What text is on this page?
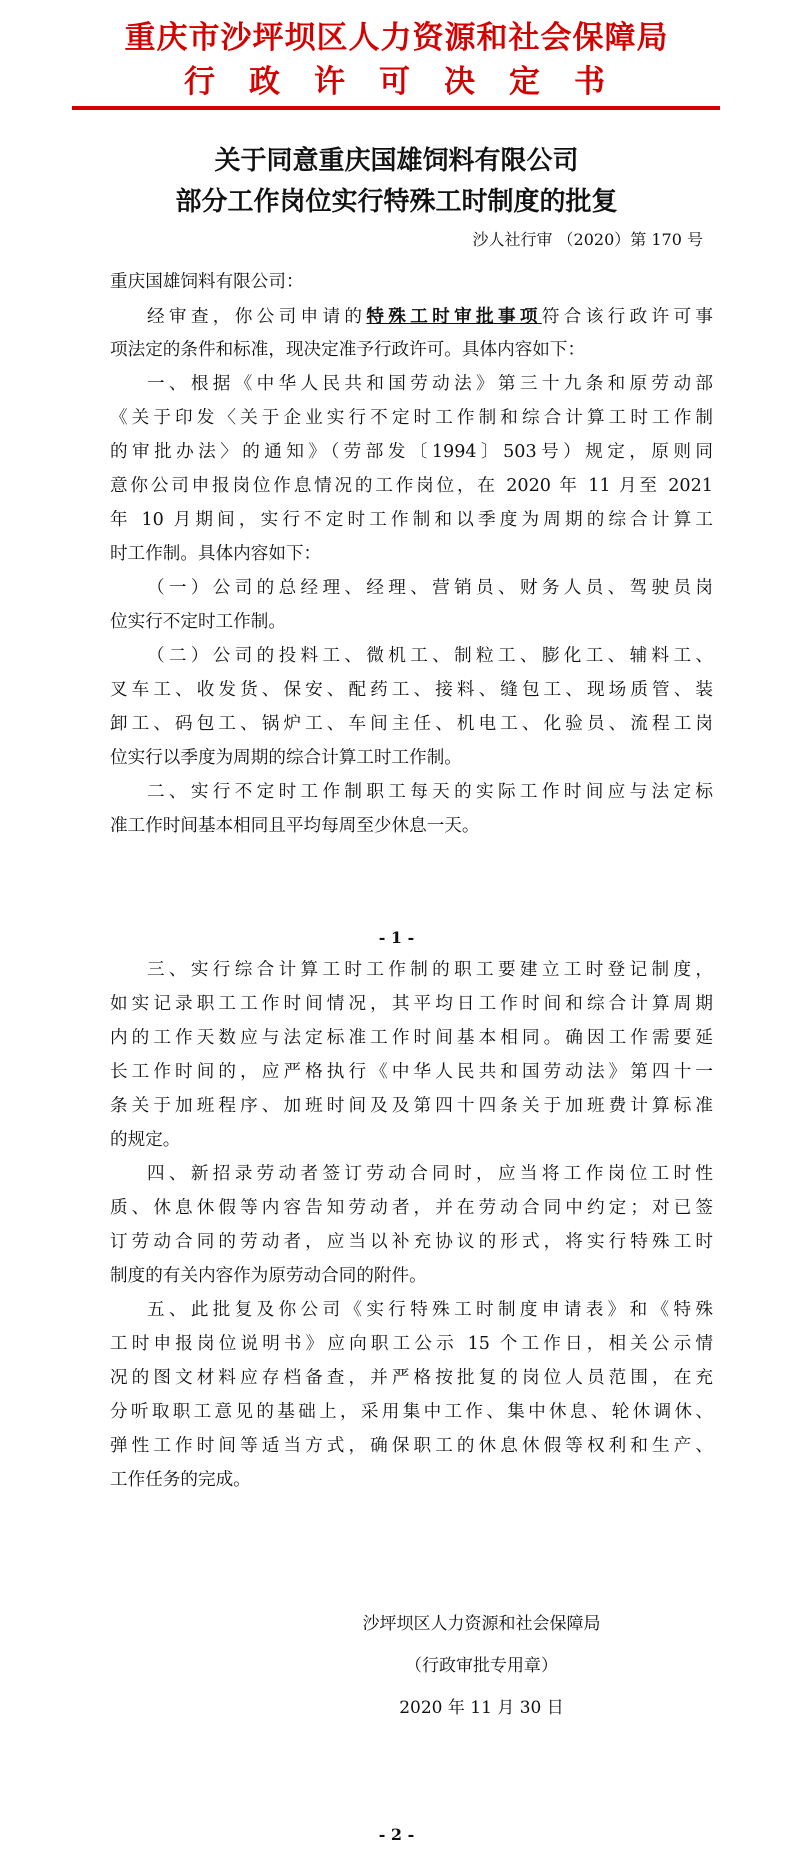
重庆市沙坪坝区人力资源和社会保障局
行政许可决定书
关于同意重庆国雄饲料有限公司
部分工作岗位实行特殊工时制度的批复
沙人社行审 （2020）第 170 号
重庆国雄饲料有限公司：
经审查，你公司申请的特殊工时审批事项符合该行政许可事
项法定的条件和标准，现决定准予行政许可。具体内容如下：
一、根据《中华人民共和国劳动法》第三十九条和原劳动部
《关于印发〈关于企业实行不定时工作制和综合计算工时工作制
的审批办法〉的通知》（劳部发〔1994〕503号）规定，原则同
意你公司申报岗位作息情况的工作岗位，在 2020 年 11 月至 2021
年 10 月期间，实行不定时工作制和以季度为周期的综合计算工
时工作制。具体内容如下：
（一）公司的总经理、经理、营销员、财务人员、驾驶员岗
位实行不定时工作制。
（二）公司的投料工、微机工、制粒工、膨化工、辅料工、
叉车工、收发货、保安、配药工、接料、缝包工、现场质管、装
卸工、码包工、锅炉工、车间主任、机电工、化验员、流程工岗
位实行以季度为周期的综合计算工时工作制。
二、实行不定时工作制职工每天的实际工作时间应与法定标
准工作时间基本相同且平均每周至少休息一天。
- 1 -
三、实行综合计算工时工作制的职工要建立工时登记制度，
如实记录职工工作时间情况，其平均日工作时间和综合计算周期
内的工作天数应与法定标准工作时间基本相同。确因工作需要延
长工作时间的，应严格执行《中华人民共和国劳动法》第四十一
条关于加班程序、加班时间及及第四十四条关于加班费计算标准
的规定。
四、新招录劳动者签订劳动合同时，应当将工作岗位工时性
质、休息休假等内容告知劳动者，并在劳动合同中约定；对已签
订劳动合同的劳动者，应当以补充协议的形式，将实行特殊工时
制度的有关内容作为原劳动合同的附件。
五、此批复及你公司《实行特殊工时制度申请表》和《特殊
工时申报岗位说明书》应向职工公示 15 个工作日，相关公示情
况的图文材料应存档备查，并严格按批复的岗位人员范围，在充
分听取职工意见的基础上，采用集中工作、集中休息、轮休调休、
弹性工作时间等适当方式，确保职工的休息休假等权利和生产、
工作任务的完成。
沙坪坝区人力资源和社会保障局
（行政审批专用章）
2020 年 11 月 30 日
- 2 -
